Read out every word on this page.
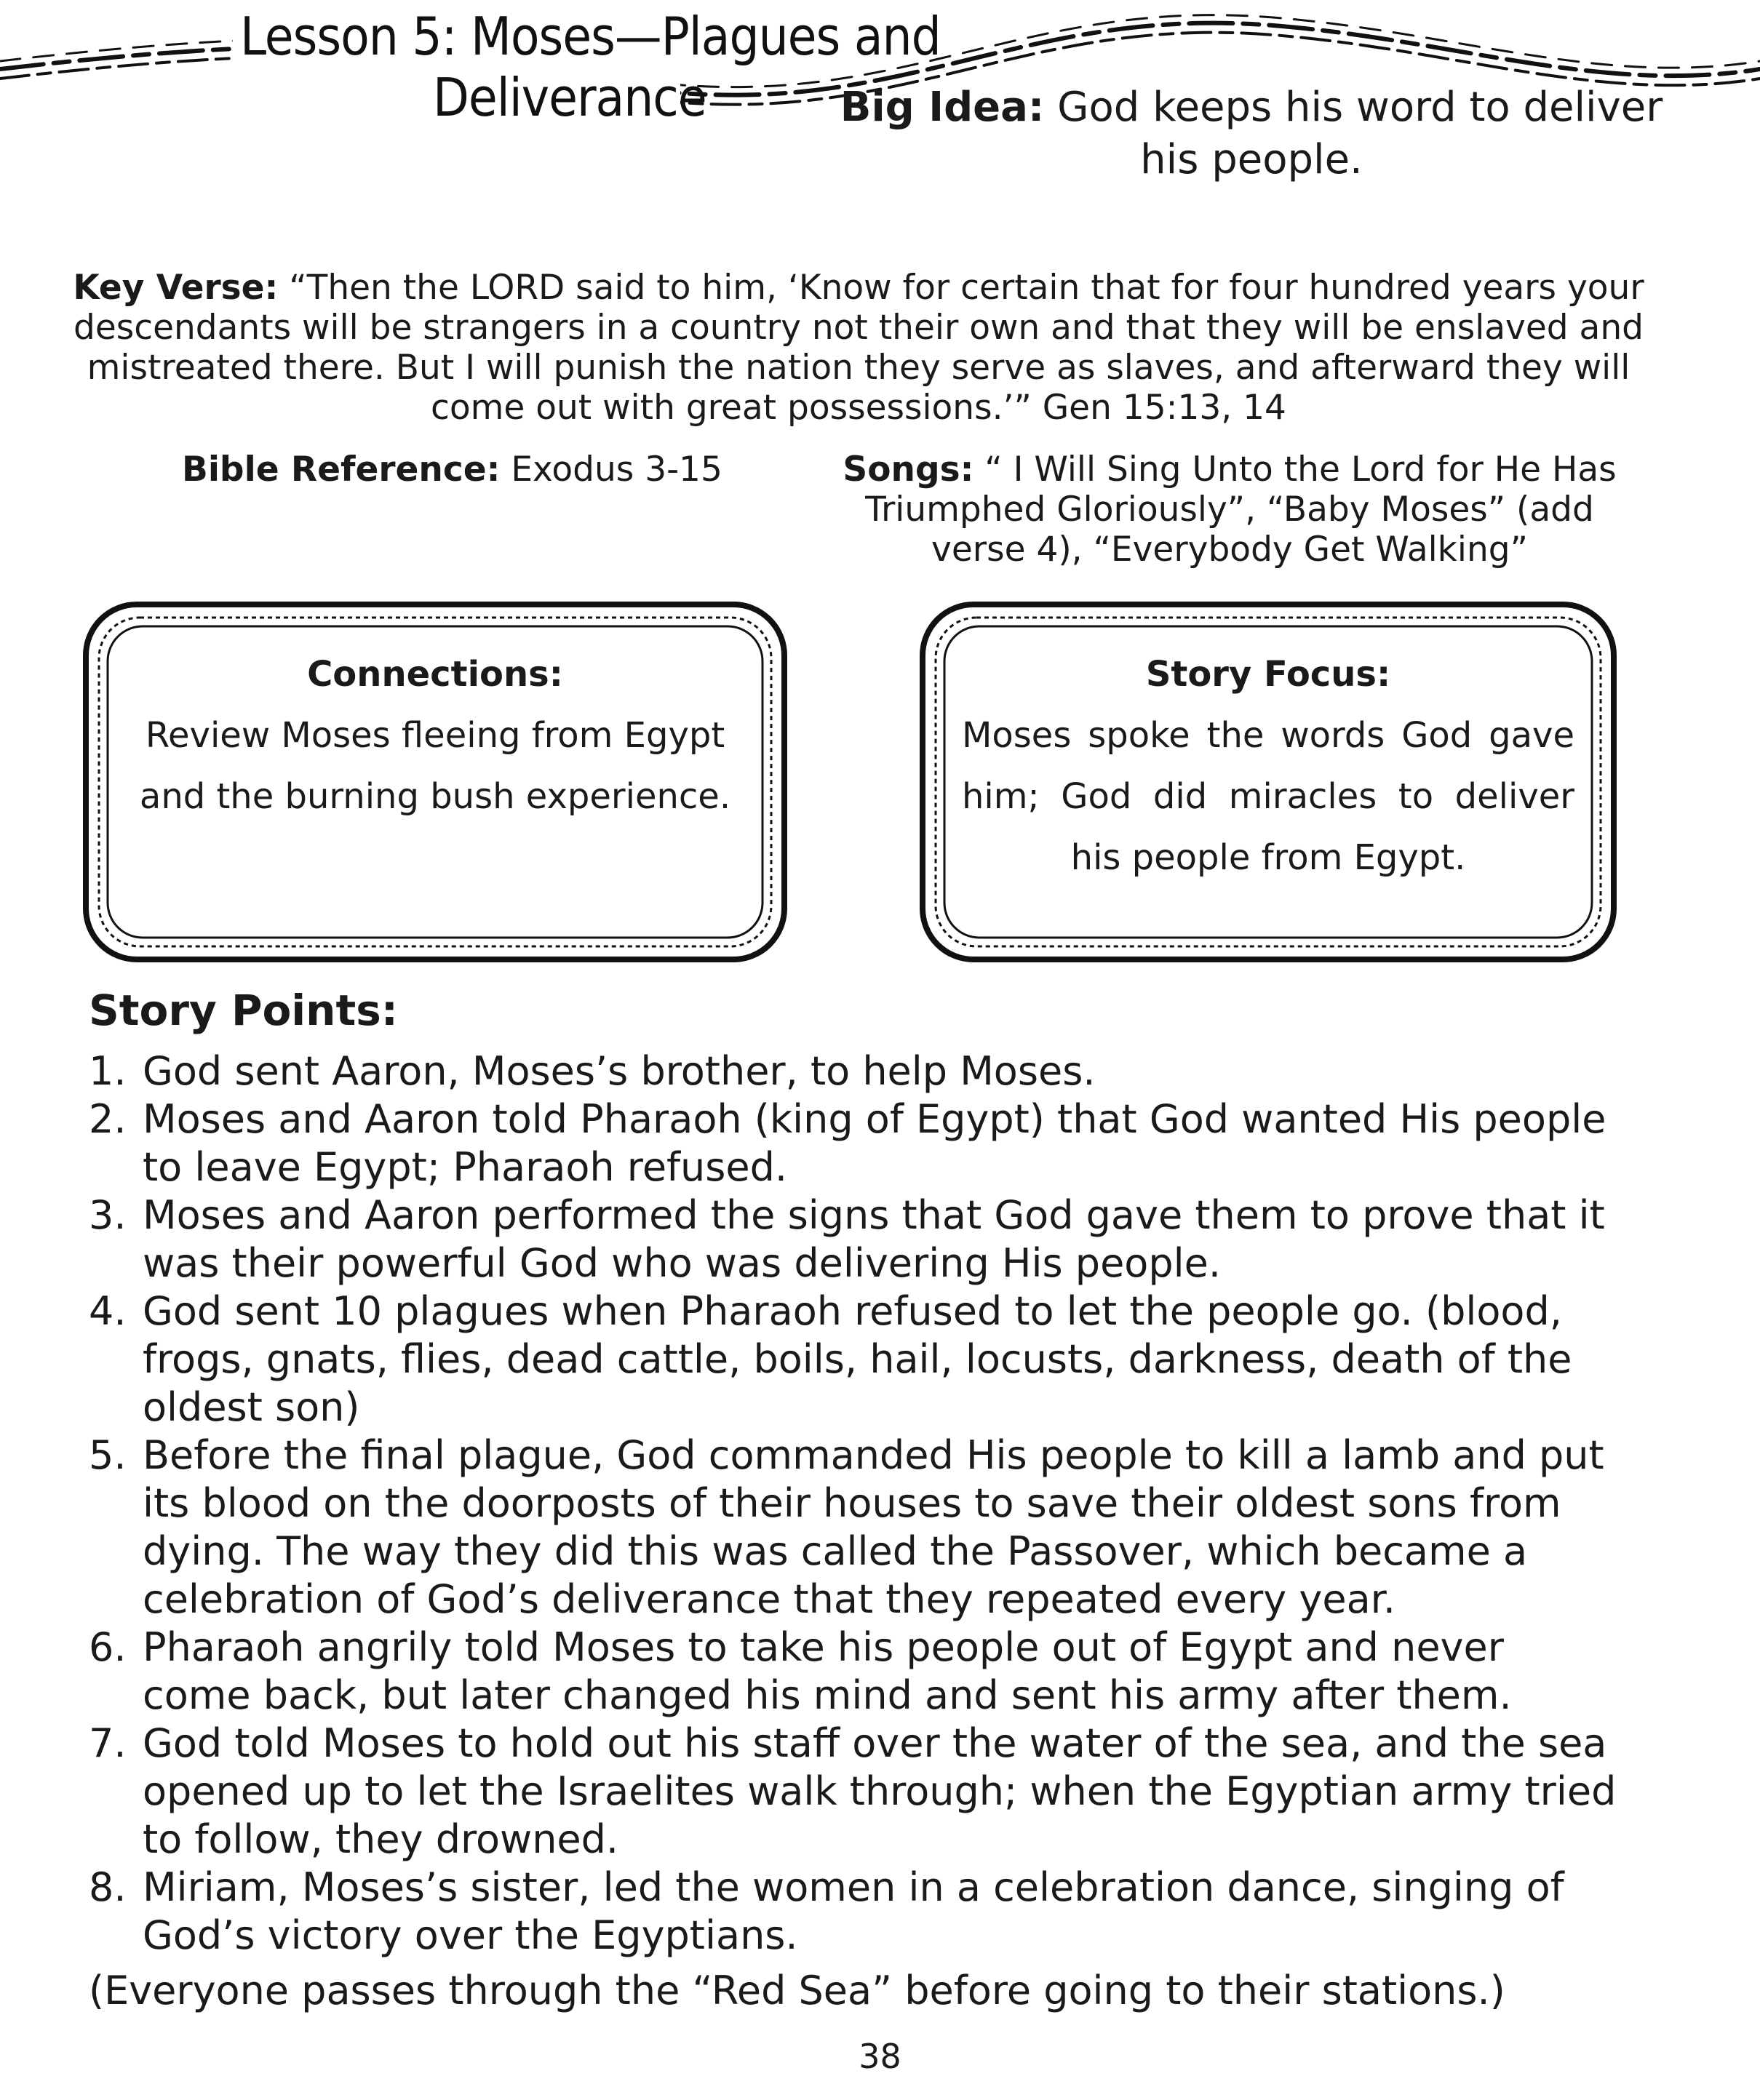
Lesson 5: Moses—Plagues and
Deliverance	Big Idea: God keeps his word to deliver his people.
Key Verse: “Then the LORD said to him, ‘Know for certain that for four hundred years your descendants will be strangers in a country not their own and that they will be enslaved and mistreated there. But I will punish the nation they serve as slaves, and afterward they will come out with great possessions.’” Gen 15:13, 14
Bible Reference: Exodus 3-15	Songs: “ I Will Sing Unto the Lord for He Has Triumphed Gloriously”, “Baby Moses” (add verse 4), “Everybody Get Walking”
Connections:
Review Moses fleeing from Egypt and the burning bush experience.
Story Focus:
Moses spoke the words God gave him; God did miracles to deliver his people from Egypt.
Story Points:
1. God sent Aaron, Moses’s brother, to help Moses.
2. Moses and Aaron told Pharaoh (king of Egypt) that God wanted His people to leave Egypt; Pharaoh refused.
3. Moses and Aaron performed the signs that God gave them to prove that it was their powerful God who was delivering His people.
4. God sent 10 plagues when Pharaoh refused to let the people go. (blood, frogs, gnats, flies, dead cattle, boils, hail, locusts, darkness, death of the oldest son)
5. Before the final plague, God commanded His people to kill a lamb and put its blood on the doorposts of their houses to save their oldest sons from dying. The way they did this was called the Passover, which became a celebration of God’s deliverance that they repeated every year.
6. Pharaoh angrily told Moses to take his people out of Egypt and never come back, but later changed his mind and sent his army after them.
7. God told Moses to hold out his staff over the water of the sea, and the sea opened up to let the Israelites walk through; when the Egyptian army tried to follow, they drowned.
8. Miriam, Moses’s sister, led the women in a celebration dance, singing of God’s victory over the Egyptians.
(Everyone passes through the “Red Sea” before going to their stations.)
38
